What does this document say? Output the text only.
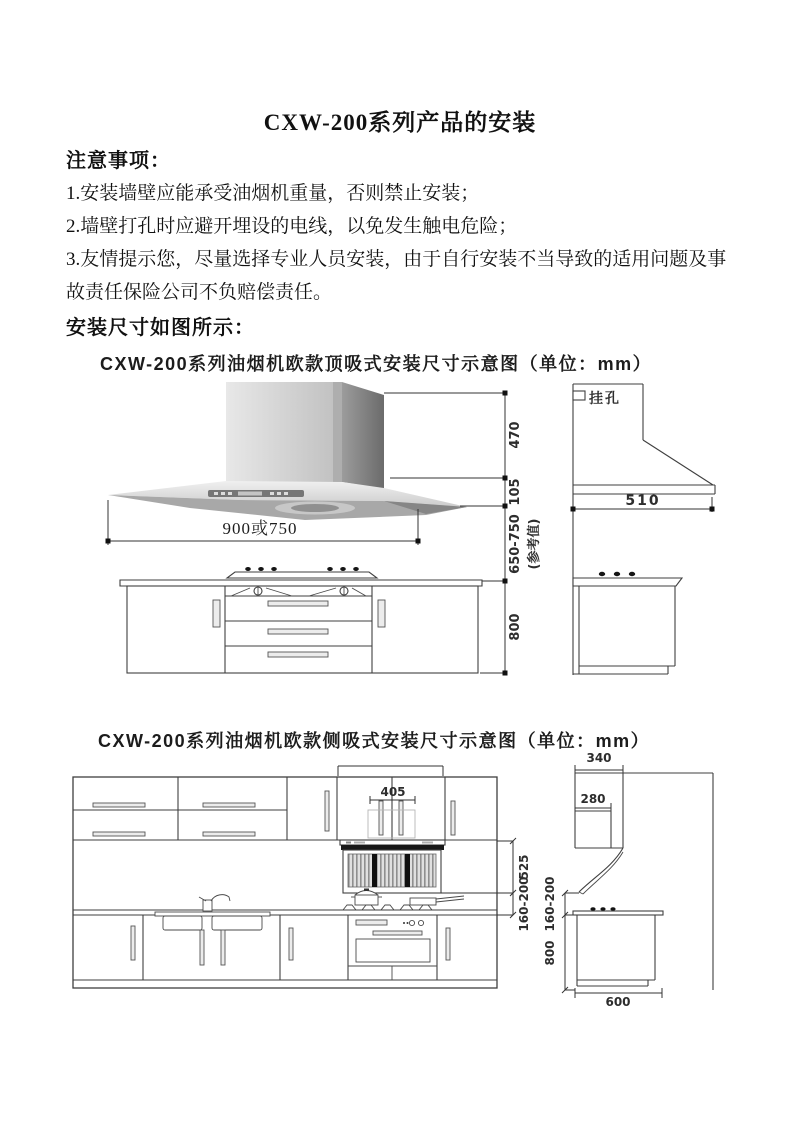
CXW-200系列产品的安装
注意事项：

1.安装墙壁应能承受油烟机重量，否则禁止安装；

2.墙壁打孔时应避开埋设的电线，以免发生触电危险；

3.友情提示您，尽量选择专业人员安装，由于自行安装不当导致的适用问题及事故责任保险公司不负赔偿责任。

安装尺寸如图所示：
CXW-200系列油烟机欧款顶吸式安装尺寸示意图（单位：mm）
900或750
470
105
650-750 (参考值)
800
挂孔
510
CXW-200系列油烟机欧款侧吸式安装尺寸示意图（单位：mm）
405
525
160-200
340
280
160-200
800
600
